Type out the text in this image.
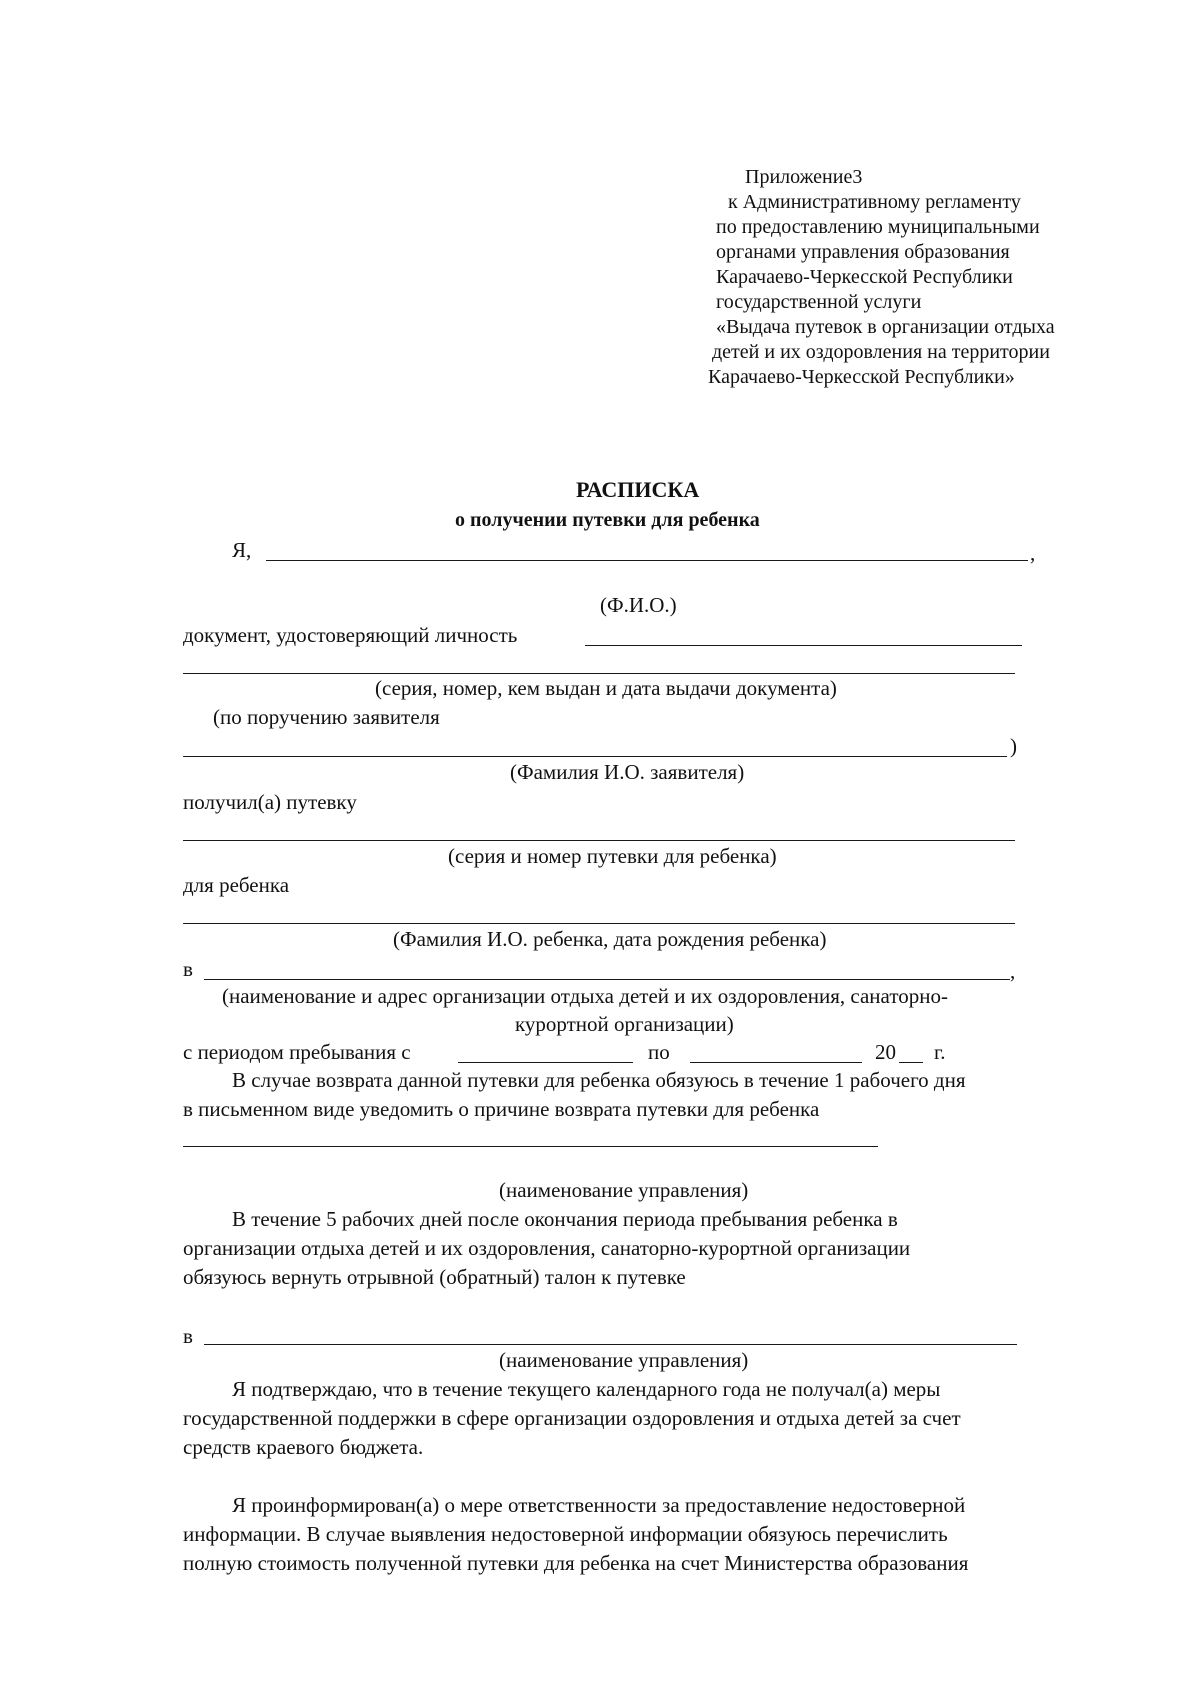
Приложение3

к Административному регламенту

по предоставлению муниципальными

органами управления образования

Карачаево-Черкесской Республики

государственной услуги

«Выдача путевок в организации отдыха

детей и их оздоровления на территории

Карачаево-Черкесской Республики»

РАСПИСКА

о получении путевки для ребенка

Я,	,

(Ф.И.О.)

документ, удостоверяющий личность

(серия, номер, кем выдан и дата выдачи документа)

(по поручению заявителя

)

(Фамилия И.О. заявителя)

получил(а) путевку

(серия и номер путевки для ребенка)

для ребенка

(Фамилия И.О. ребенка, дата рождения ребенка)

в	,

(наименование и адрес организации отдыха детей и их оздоровления, санаторно-

курортной организации)

с периодом пребывания с	по	20 г.

В случае возврата данной путевки для ребенка обязуюсь в течение 1 рабочего дня

в письменном виде уведомить о причине возврата путевки для ребенка

(наименование управления)

В течение 5 рабочих дней после окончания периода пребывания ребенка в

организации отдыха детей и их оздоровления, санаторно-курортной организации

обязуюсь вернуть отрывной (обратный) талон к путевке

в

(наименование управления)

Я подтверждаю, что в течение текущего календарного года не получал(а) меры

государственной поддержки в сфере организации оздоровления и отдыха детей за счет

средств краевого бюджета.

Я проинформирован(а) о мере ответственности за предоставление недостоверной

информации. В случае выявления недостоверной информации обязуюсь перечислить

полную стоимость полученной путевки для ребенка на счет Министерства образования
